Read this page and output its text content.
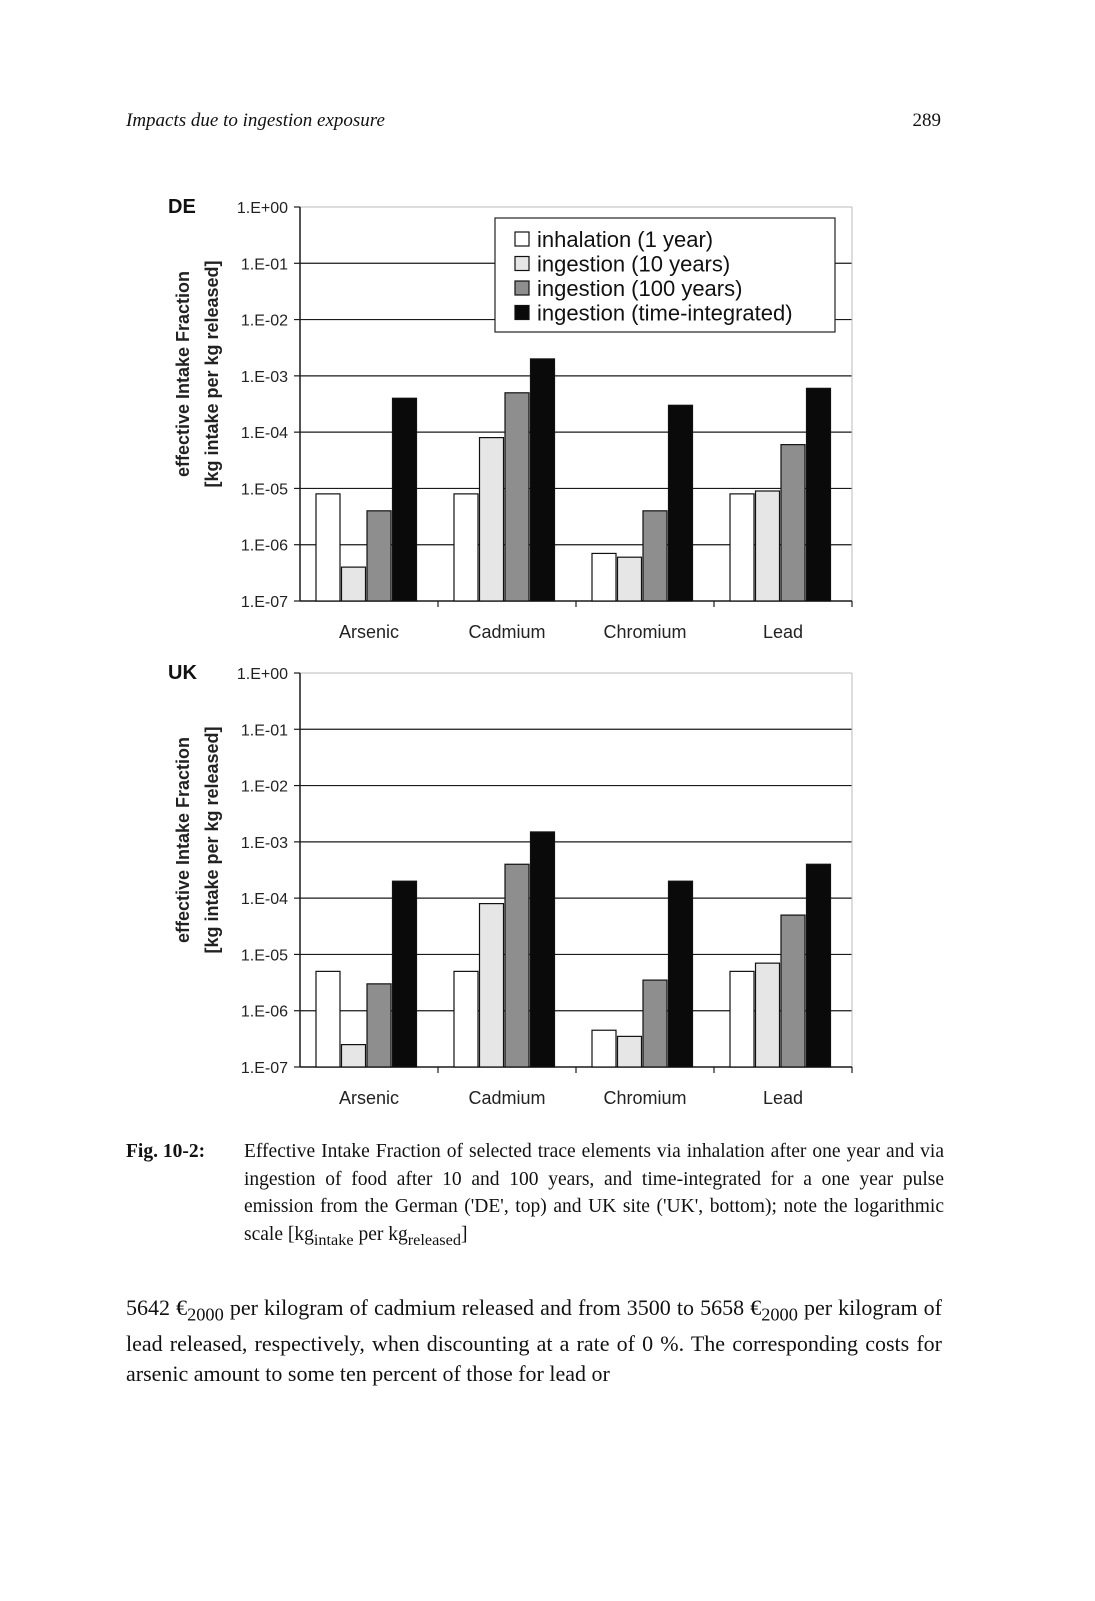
Impacts due to ingestion exposure	289
1.E+00
1.E-01
1.E-02
1.E-03
1.E-04
1.E-05
1.E-06
1.E-07
Arsenic	Cadmium	Chromium	Lead
DE
effective Intake Fraction [kg intake per kg released]
inhalation (1 year)
ingestion (10 years)
ingestion (100 years)
ingestion (time-integrated)
1.E+00
1.E-01
1.E-02
1.E-03
1.E-04
1.E-05
1.E-06
1.E-07
Arsenic	Cadmium	Chromium	Lead
UK
effective Intake Fraction [kg intake per kg released]
Fig. 10-2: Effective Intake Fraction of selected trace elements via inhalation after one year and via ingestion of food after 10 and 100 years, and time-integrated for a one year pulse emission from the German ('DE', top) and UK site ('UK', bottom); note the logarithmic scale [$kg_{intake}$ per $kg_{released}$]
5642 $€_{2000}$ per kilogram of cadmium released and from 3500 to 5658 $€_{2000}$ per kilogram of lead released, respectively, when discounting at a rate of 0 %. The corresponding costs for arsenic amount to some ten percent of those for lead or
